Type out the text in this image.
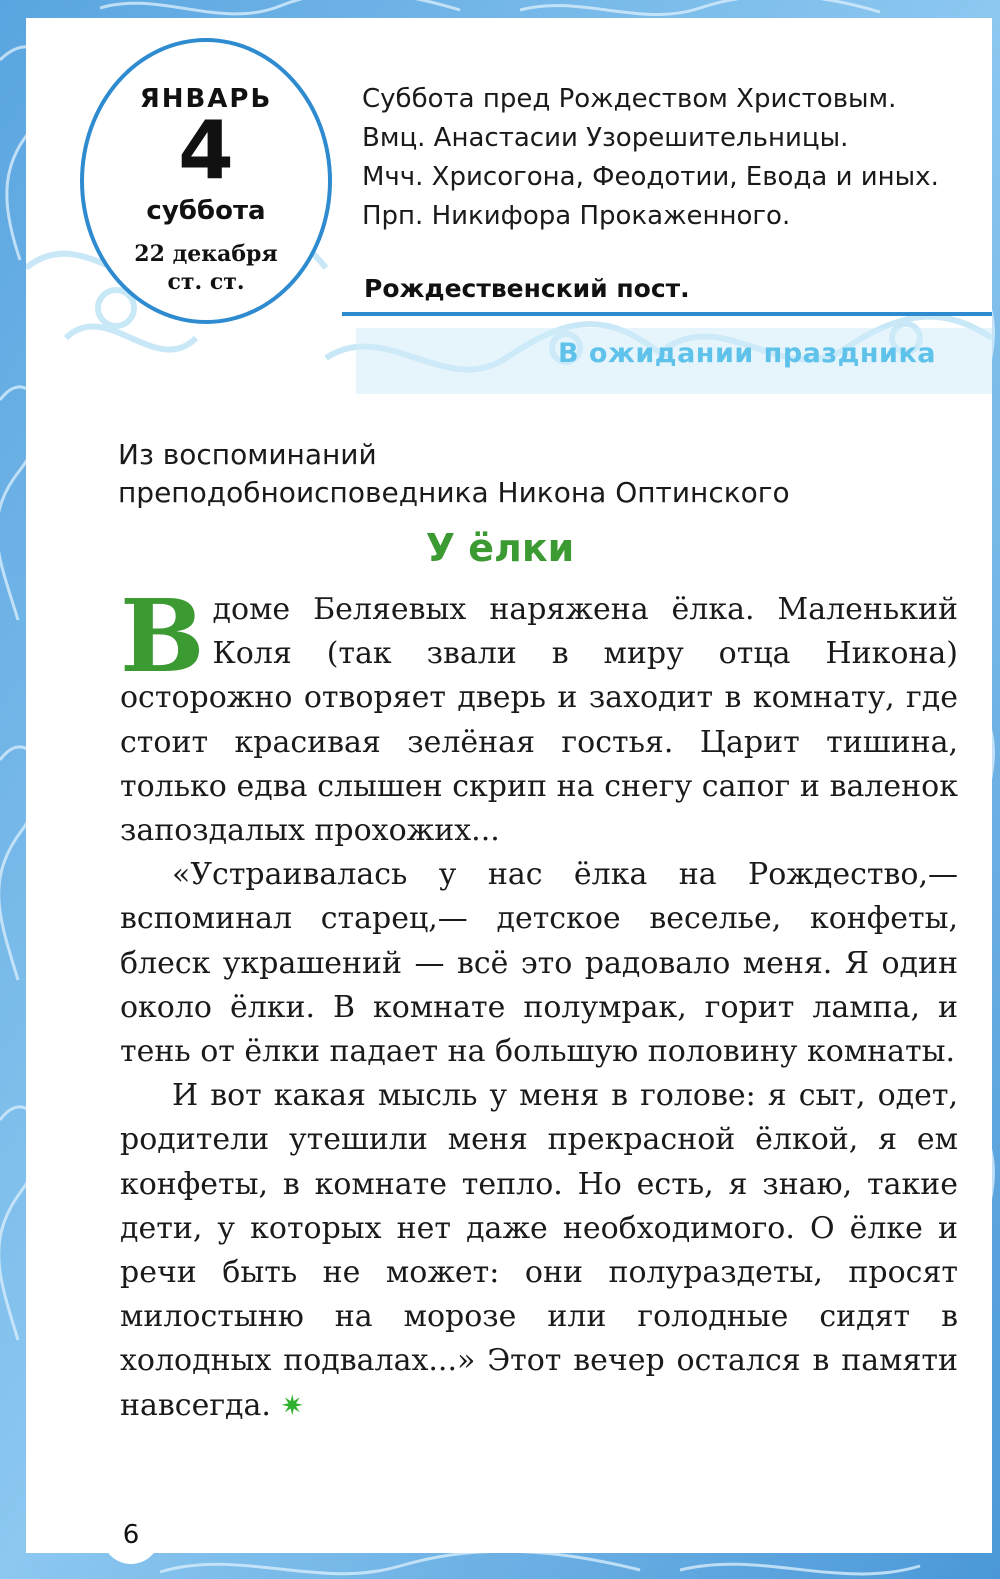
ЯНВАРЬ
4
суббота
22 декабря
ст. ст.
Суббота пред Рождеством Христовым.
Вмц. Анастасии Узорешительницы.
Мчч. Хрисогона, Феодотии, Евода и иных.
Прп. Никифора Прокаженного.
Рождественский пост.
В ожидании праздника
Из воспоминаний
преподобноисповедника Никона Оптинского
У ёлки

В доме Беляевых наряжена ёлка. Маленький Коля (так звали в миру отца Никона) осторожно отворяет дверь и заходит в комнату, где стоит красивая зелёная гостья. Царит тишина, только едва слышен скрип на снегу сапог и валенок запоздалых прохожих...

«Устраивалась у нас ёлка на Рождество,— вспоминал старец,— детское веселье, конфеты, блеск украшений — всё это радовало меня. Я один около ёлки. В комнате полумрак, горит лампа, и тень от ёлки падает на большую половину комнаты.

И вот какая мысль у меня в голове: я сыт, одет, родители утешили меня прекрасной ёлкой, я ем конфеты, в комнате тепло. Но есть, я знаю, такие дети, у которых нет даже необходимого. О ёлке и речи быть не может: они полураздеты, просят милостыню на морозе или голодные сидят в холодных подвалах...» Этот вечер остался в памяти навсегда. ✷

6
